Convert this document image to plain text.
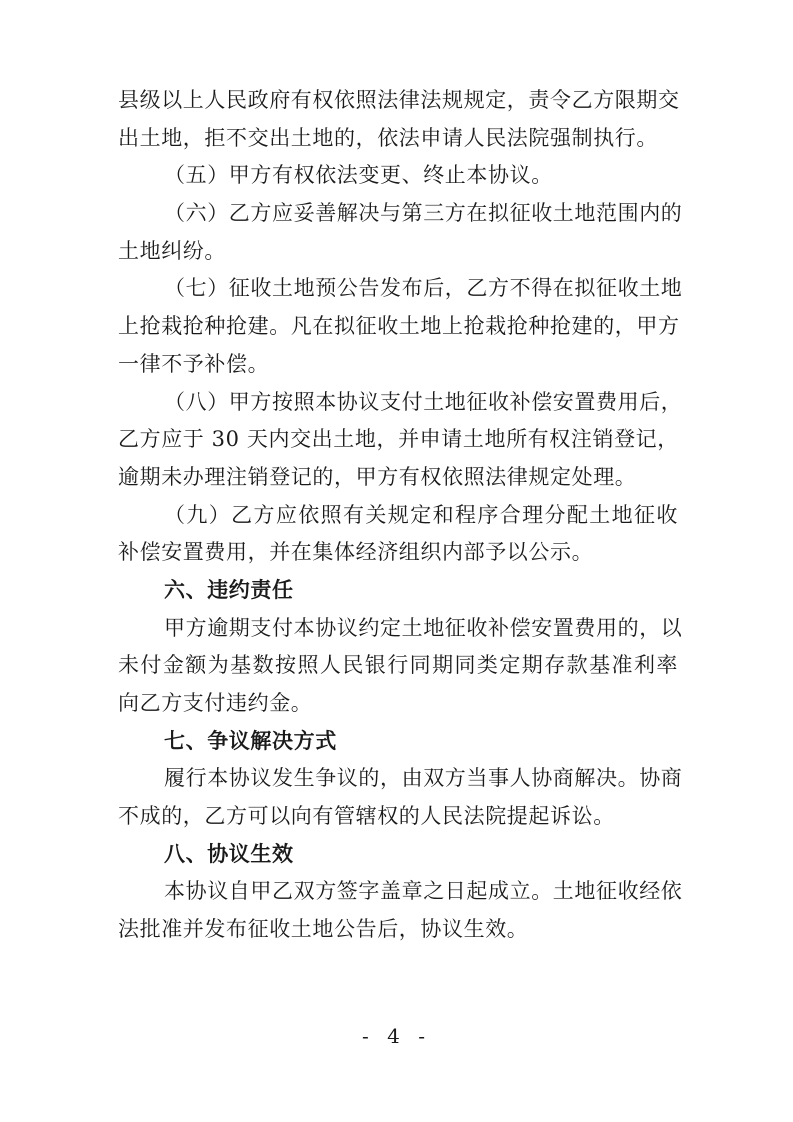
县级以上人民政府有权依照法律法规规定，责令乙方限期交
出土地，拒不交出土地的，依法申请人民法院强制执行。
（五）甲方有权依法变更、终止本协议。
（六）乙方应妥善解决与第三方在拟征收土地范围内的
土地纠纷。
（七）征收土地预公告发布后，乙方不得在拟征收土地
上抢栽抢种抢建。凡在拟征收土地上抢栽抢种抢建的，甲方
一律不予补偿。
（八）甲方按照本协议支付土地征收补偿安置费用后，
乙方应于 30 天内交出土地，并申请土地所有权注销登记，
逾期未办理注销登记的，甲方有权依照法律规定处理。
（九）乙方应依照有关规定和程序合理分配土地征收
补偿安置费用，并在集体经济组织内部予以公示。
六、违约责任
甲方逾期支付本协议约定土地征收补偿安置费用的，以
未付金额为基数按照人民银行同期同类定期存款基准利率
向乙方支付违约金。
七、争议解决方式
履行本协议发生争议的，由双方当事人协商解决。协商
不成的，乙方可以向有管辖权的人民法院提起诉讼。
八、协议生效
本协议自甲乙双方签字盖章之日起成立。土地征收经依
法批准并发布征收土地公告后，协议生效。
- 4 -
